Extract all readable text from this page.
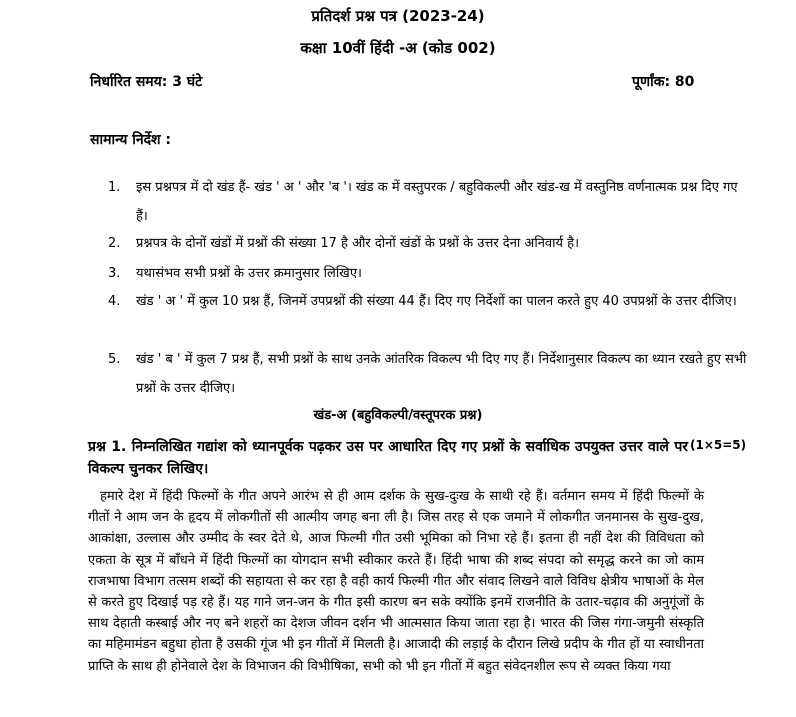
प्रतिदर्श प्रश्न पत्र (2023-24)
कक्षा 10वीं हिंदी -अ (कोड 002)
निर्धारित समय: 3 घंटे	पूर्णांक: 80
सामान्य निर्देश :
1.	इस प्रश्नपत्र में दो खंड हैं- खंड ' अ ' और 'ब '। खंड क में वस्तुपरक / बहुविकल्पी और खंड-ख में वस्तुनिष्ठ वर्णनात्मक प्रश्न दिए गए हैं।
2.	प्रश्नपत्र के दोनों खंडों में प्रश्नों की संख्या 17 है और दोनों खंडों के प्रश्नों के उत्तर देना अनिवार्य है।
3.	यथासंभव सभी प्रश्नों के उत्तर क्रमानुसार लिखिए।
4.	खंड ' अ ' में कुल 10 प्रश्न हैं, जिनमें उपप्रश्नों की संख्या 44 हैं। दिए गए निर्देशों का पालन करते हुए 40 उपप्रश्नों के उत्तर दीजिए।
5.	खंड ' ब ' में कुल 7 प्रश्न हैं, सभी प्रश्नों के साथ उनके आंतरिक विकल्प भी दिए गए हैं। निर्देशानुसार विकल्प का ध्यान रखते हुए सभी प्रश्नों के उत्तर दीजिए।
खंड-अ (बहुविकल्पी/वस्तूपरक प्रश्न)
प्रश्न 1. निम्नलिखित गद्यांश को ध्यानपूर्वक पढ़कर उस पर आधारित दिए गए प्रश्नों के सर्वाधिक उपयुक्त उत्तर वाले पर विकल्प चुनकर लिखिए।
(1×5=5)

हमारे देश में हिंदी फिल्मों के गीत अपने आरंभ से ही आम दर्शक के सुख-दुःख के साथी रहे हैं। वर्तमान समय में हिंदी फिल्मों के गीतों ने आम जन के हृदय में लोकगीतों सी आत्मीय जगह बना ली है। जिस तरह से एक जमाने में लोकगीत जनमानस के सुख-दुख, आकांक्षा, उल्लास और उम्मीद के स्वर देते थे, आज फिल्मी गीत उसी भूमिका को निभा रहे हैं। इतना ही नहीं देश की विविधता को एकता के सूत्र में बाँधने में हिंदी फिल्मों का योगदान सभी स्वीकार करते हैं। हिंदी भाषा की शब्द संपदा को समृद्ध करने का जो काम राजभाषा विभाग तत्सम शब्दों की सहायता से कर रहा है वही कार्य फिल्मी गीत और संवाद लिखने वाले विविध क्षेत्रीय भाषाओं के मेल से करते हुए दिखाई पड़ रहे हैं। यह गाने जन-जन के गीत इसी कारण बन सके क्योंकि इनमें राजनीति के उतार-चढ़ाव की अनुगूंजों के साथ देहाती कस्बाई और नए बने शहरों का देशज जीवन दर्शन भी आत्मसात किया जाता रहा है। भारत की जिस गंगा-जमुनी संस्कृति का महिमामंडन बहुधा होता है उसकी गूंज भी इन गीतों में मिलती है। आजादी की लड़ाई के दौरान लिखे प्रदीप के गीत हों या स्वाधीनता प्राप्ति के साथ ही होनेवाले देश के विभाजन की विभीषिका, सभी को भी इन गीतों में बहुत संवेदनशील रूप से व्यक्त किया गया
